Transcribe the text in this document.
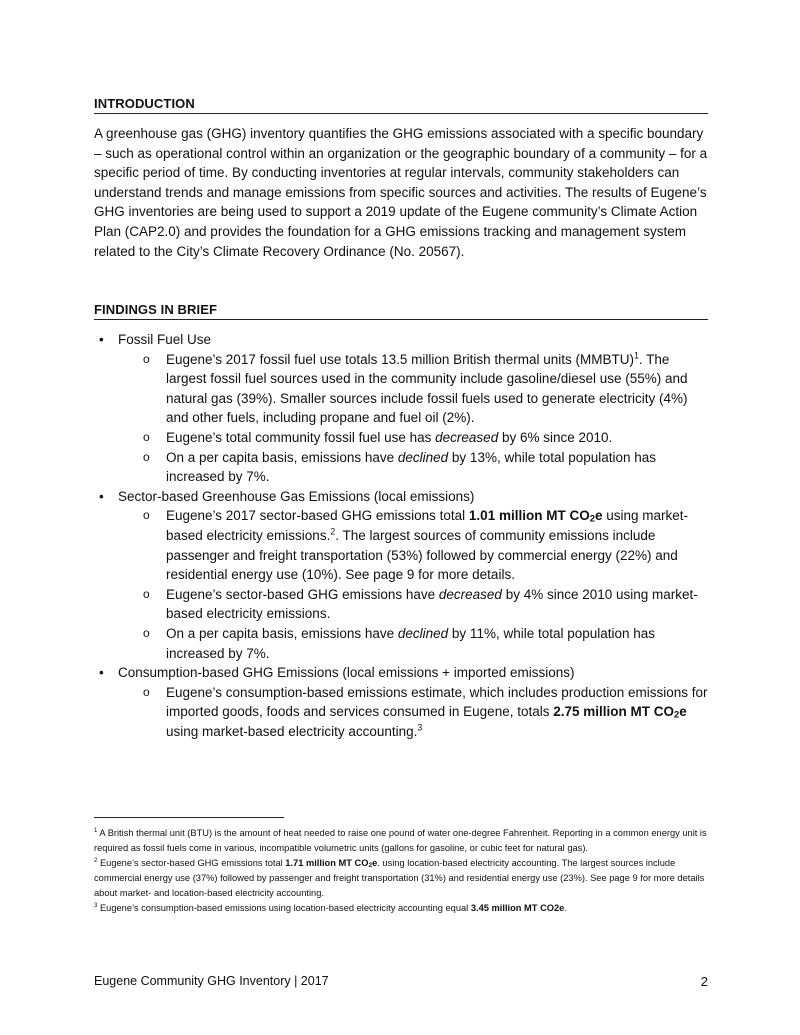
INTRODUCTION

A greenhouse gas (GHG) inventory quantifies the GHG emissions associated with a specific boundary – such as operational control within an organization or the geographic boundary of a community – for a specific period of time. By conducting inventories at regular intervals, community stakeholders can understand trends and manage emissions from specific sources and activities. The results of Eugene’s GHG inventories are being used to support a 2019 update of the Eugene community’s Climate Action Plan (CAP2.0) and provides the foundation for a GHG emissions tracking and management system related to the City’s Climate Recovery Ordinance (No. 20567).

FINDINGS IN BRIEF
• Fossil Fuel Use
o Eugene’s 2017 fossil fuel use totals 13.5 million British thermal units (MMBTU)$^1$. The largest fossil fuel sources used in the community include gasoline/diesel use (55%) and natural gas (39%). Smaller sources include fossil fuels used to generate electricity (4%) and other fuels, including propane and fuel oil (2%).
o Eugene’s total community fossil fuel use has decreased by 6% since 2010.
o On a per capita basis, emissions have declined by 13%, while total population has increased by 7%.
• Sector-based Greenhouse Gas Emissions (local emissions)
o Eugene’s 2017 sector-based GHG emissions total 1.01 million MT $CO_2e$ using market-based electricity emissions.$^2$. The largest sources of community emissions include passenger and freight transportation (53%) followed by commercial energy (22%) and residential energy use (10%). See page 9 for more details.
o Eugene’s sector-based GHG emissions have decreased by 4% since 2010 using market-based electricity emissions.
o On a per capita basis, emissions have declined by 11%, while total population has increased by 7%.
• Consumption-based GHG Emissions (local emissions + imported emissions)
o Eugene’s consumption-based emissions estimate, which includes production emissions for imported goods, foods and services consumed in Eugene, totals 2.75 million MT $CO_2e$ using market-based electricity accounting.$^3$

$^1$ A British thermal unit (BTU) is the amount of heat needed to raise one pound of water one-degree Fahrenheit. Reporting in a common energy unit is required as fossil fuels come in various, incompatible volumetric units (gallons for gasoline, or cubic feet for natural gas).

$^2$ Eugene’s sector-based GHG emissions total 1.71 million MT $CO_2e$. using location-based electricity accounting. The largest sources include commercial energy use (37%) followed by passenger and freight transportation (31%) and residential energy use (23%). See page 9 for more details about market- and location-based electricity accounting.

$^3$ Eugene’s consumption-based emissions using location-based electricity accounting equal 3.45 million MT CO2e.

Eugene Community GHG Inventory | 2017	2
